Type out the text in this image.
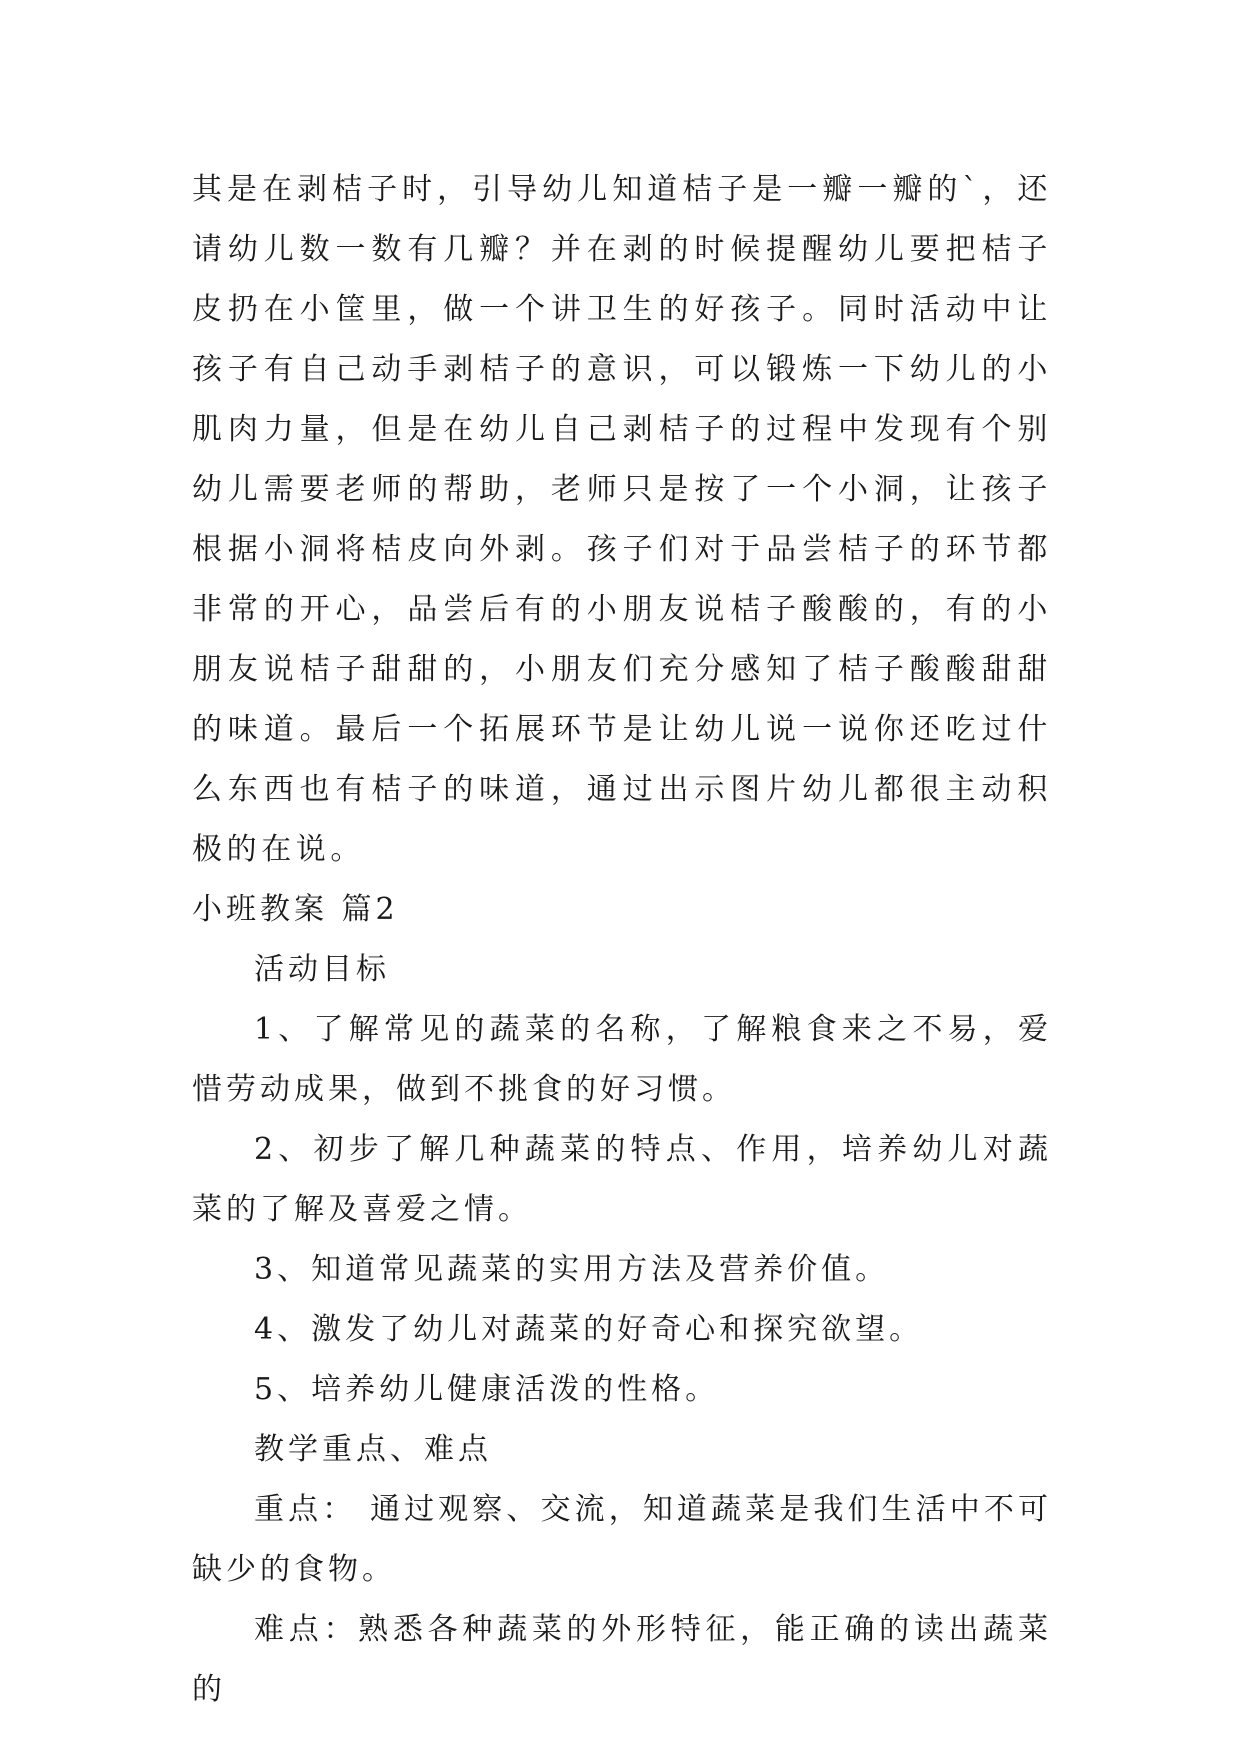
其是在剥桔子时，引导幼儿知道桔子是一瓣一瓣的`，还请幼儿数一数有几瓣？并在剥的时候提醒幼儿要把桔子皮扔在小筐里，做一个讲卫生的好孩子。同时活动中让孩子有自己动手剥桔子的意识，可以锻炼一下幼儿的小肌肉力量，但是在幼儿自己剥桔子的过程中发现有个别幼儿需要老师的帮助，老师只是按了一个小洞，让孩子根据小洞将桔皮向外剥。孩子们对于品尝桔子的环节都非常的开心，品尝后有的小朋友说桔子酸酸的，有的小朋友说桔子甜甜的，小朋友们充分感知了桔子酸酸甜甜的味道。最后一个拓展环节是让幼儿说一说你还吃过什么东西也有桔子的味道，通过出示图片幼儿都很主动积极的在说。

小班教案 篇2

活动目标

1、了解常见的蔬菜的名称，了解粮食来之不易，爱惜劳动成果，做到不挑食的好习惯。

2、初步了解几种蔬菜的特点、作用，培养幼儿对蔬菜的了解及喜爱之情。

3、知道常见蔬菜的实用方法及营养价值。

4、激发了幼儿对蔬菜的好奇心和探究欲望。

5、培养幼儿健康活泼的性格。

教学重点、难点

重点： 通过观察、交流，知道蔬菜是我们生活中不可缺少的食物。

难点：熟悉各种蔬菜的外形特征，能正确的读出蔬菜的
